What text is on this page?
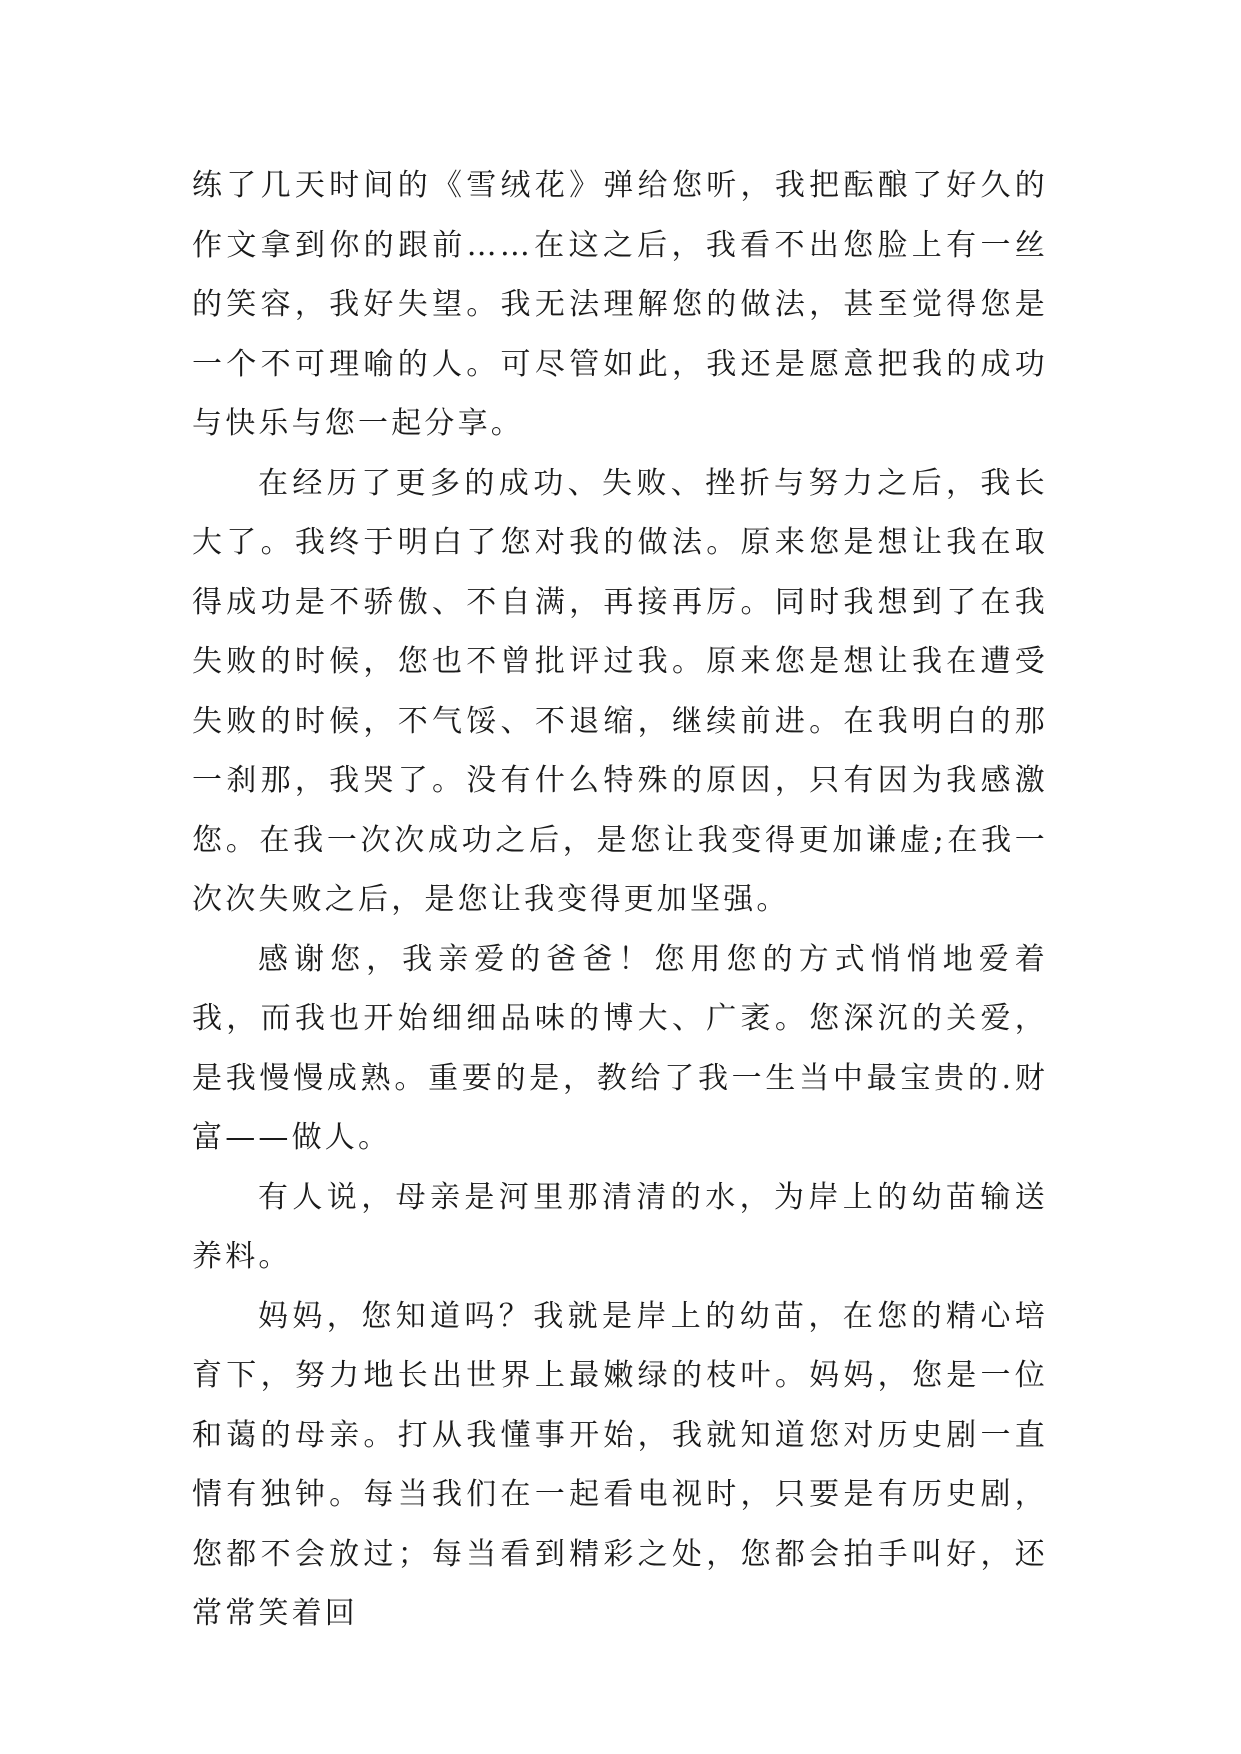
练了几天时间的《雪绒花》弹给您听，我把酝酿了好久的作文拿到你的跟前……在这之后，我看不出您脸上有一丝的笑容，我好失望。我无法理解您的做法，甚至觉得您是一个不可理喻的人。可尽管如此，我还是愿意把我的成功与快乐与您一起分享。

在经历了更多的成功、失败、挫折与努力之后，我长大了。我终于明白了您对我的做法。原来您是想让我在取得成功是不骄傲、不自满，再接再厉。同时我想到了在我失败的时候，您也不曾批评过我。原来您是想让我在遭受失败的时候，不气馁、不退缩，继续前进。在我明白的那一刹那，我哭了。没有什么特殊的原因，只有因为我感激您。在我一次次成功之后，是您让我变得更加谦虚;在我一次次失败之后，是您让我变得更加坚强。

感谢您，我亲爱的爸爸！您用您的方式悄悄地爱着我，而我也开始细细品味的博大、广袤。您深沉的关爱，是我慢慢成熟。重要的是，教给了我一生当中最宝贵的.财富——做人。

有人说，母亲是河里那清清的水，为岸上的幼苗输送养料。

妈妈，您知道吗？我就是岸上的幼苗，在您的精心培育下，努力地长出世界上最嫩绿的枝叶。妈妈，您是一位和蔼的母亲。打从我懂事开始，我就知道您对历史剧一直情有独钟。每当我们在一起看电视时，只要是有历史剧，您都不会放过；每当看到精彩之处，您都会拍手叫好，还常常笑着回
